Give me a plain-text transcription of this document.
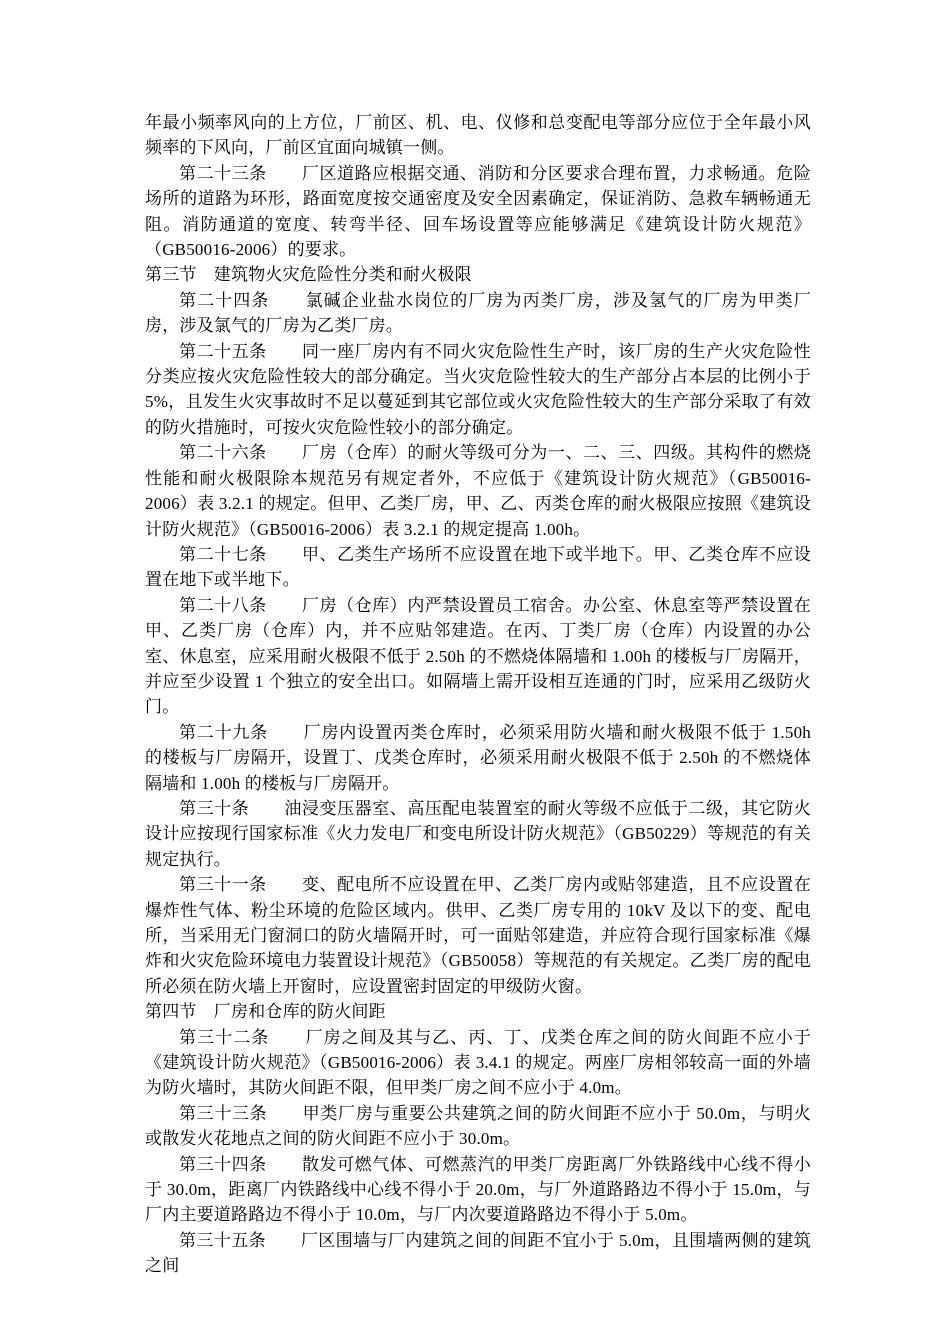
年最小频率风向的上方位，厂前区、机、电、仪修和总变配电等部分应位于全年最小风频率的下风向，厂前区宜面向城镇一侧。

第二十三条　　厂区道路应根据交通、消防和分区要求合理布置，力求畅通。危险场所的道路为环形，路面宽度按交通密度及安全因素确定，保证消防、急救车辆畅通无阻。消防通道的宽度、转弯半径、回车场设置等应能够满足《建筑设计防火规范》（GB50016-2006）的要求。

第三节　建筑物火灾危险性分类和耐火极限

第二十四条　　氯碱企业盐水岗位的厂房为丙类厂房，涉及氢气的厂房为甲类厂房，涉及氯气的厂房为乙类厂房。

第二十五条　　同一座厂房内有不同火灾危险性生产时，该厂房的生产火灾危险性分类应按火灾危险性较大的部分确定。当火灾危险性较大的生产部分占本层的比例小于 5%，且发生火灾事故时不足以蔓延到其它部位或火灾危险性较大的生产部分采取了有效的防火措施时，可按火灾危险性较小的部分确定。

第二十六条　　厂房（仓库）的耐火等级可分为一、二、三、四级。其构件的燃烧性能和耐火极限除本规范另有规定者外，不应低于《建筑设计防火规范》（GB50016-2006）表 3.2.1 的规定。但甲、乙类厂房，甲、乙、丙类仓库的耐火极限应按照《建筑设计防火规范》（GB50016-2006）表 3.2.1 的规定提高 1.00h。

第二十七条　　甲、乙类生产场所不应设置在地下或半地下。甲、乙类仓库不应设置在地下或半地下。

第二十八条　　厂房（仓库）内严禁设置员工宿舍。办公室、休息室等严禁设置在甲、乙类厂房（仓库）内，并不应贴邻建造。在丙、丁类厂房（仓库）内设置的办公室、休息室，应采用耐火极限不低于 2.50h 的不燃烧体隔墙和 1.00h 的楼板与厂房隔开，并应至少设置 1 个独立的安全出口。如隔墙上需开设相互连通的门时，应采用乙级防火门。

第二十九条　　厂房内设置丙类仓库时，必须采用防火墙和耐火极限不低于 1.50h 的楼板与厂房隔开，设置丁、戊类仓库时，必须采用耐火极限不低于 2.50h 的不燃烧体隔墙和 1.00h 的楼板与厂房隔开。

第三十条　　油浸变压器室、高压配电装置室的耐火等级不应低于二级，其它防火设计应按现行国家标准《火力发电厂和变电所设计防火规范》（GB50229）等规范的有关规定执行。

第三十一条　　变、配电所不应设置在甲、乙类厂房内或贴邻建造，且不应设置在爆炸性气体、粉尘环境的危险区域内。供甲、乙类厂房专用的 10kV 及以下的变、配电所，当采用无门窗洞口的防火墙隔开时，可一面贴邻建造，并应符合现行国家标准《爆炸和火灾危险环境电力装置设计规范》（GB50058）等规范的有关规定。乙类厂房的配电所必须在防火墙上开窗时，应设置密封固定的甲级防火窗。

第四节　厂房和仓库的防火间距

第三十二条　　厂房之间及其与乙、丙、丁、戊类仓库之间的防火间距不应小于《建筑设计防火规范》（GB50016-2006）表 3.4.1 的规定。两座厂房相邻较高一面的外墙为防火墙时，其防火间距不限，但甲类厂房之间不应小于 4.0m。

第三十三条　　甲类厂房与重要公共建筑之间的防火间距不应小于 50.0m，与明火或散发火花地点之间的防火间距不应小于 30.0m。

第三十四条　　散发可燃气体、可燃蒸汽的甲类厂房距离厂外铁路线中心线不得小于 30.0m，距离厂内铁路线中心线不得小于 20.0m，与厂外道路路边不得小于 15.0m，与厂内主要道路路边不得小于 10.0m，与厂内次要道路路边不得小于 5.0m。

第三十五条　　厂区围墙与厂内建筑之间的间距不宜小于 5.0m，且围墙两侧的建筑之间
